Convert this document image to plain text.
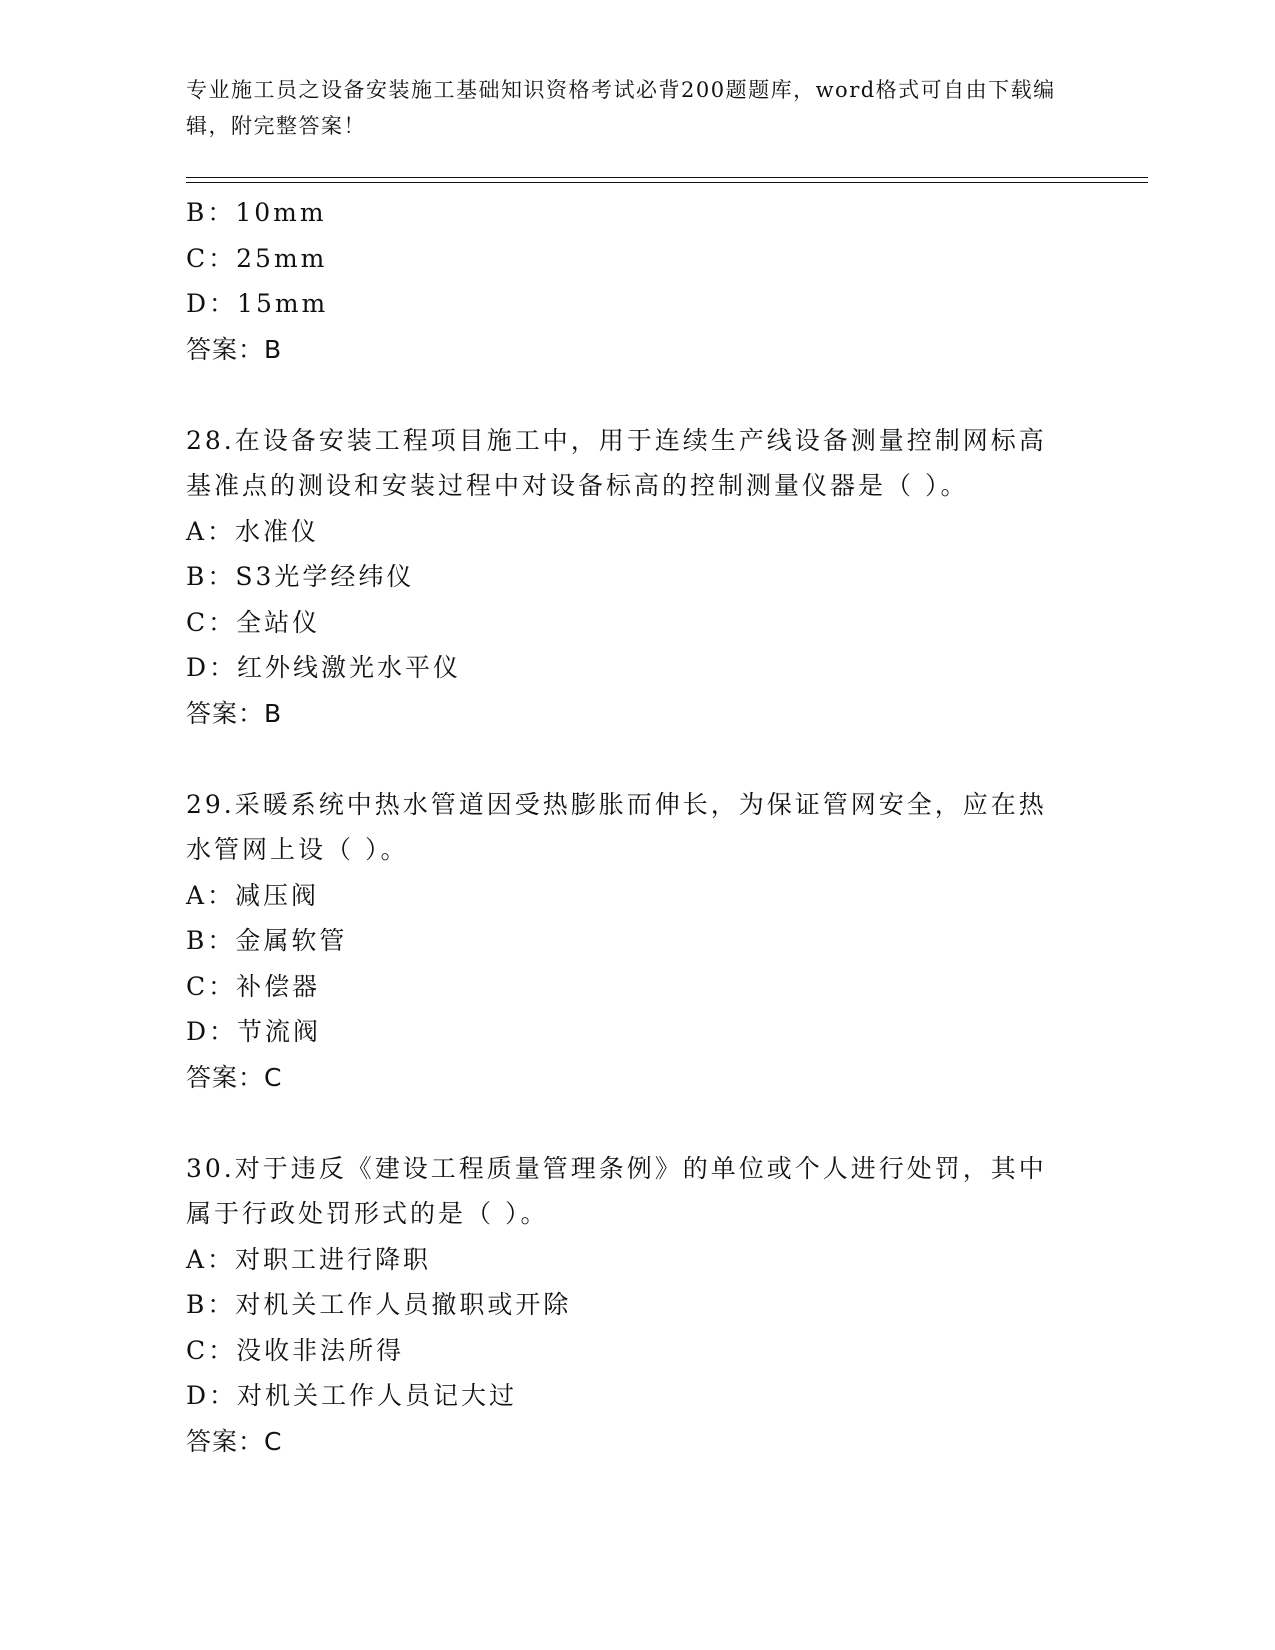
专业施工员之设备安装施工基础知识资格考试必背200题题库，word格式可自由下载编辑，附完整答案！
B：10mm
C：25mm
D：15mm
答案：B
28.在设备安装工程项目施工中，用于连续生产线设备测量控制网标高
基准点的测设和安装过程中对设备标高的控制测量仪器是（ ）。
A：水准仪
B：S3光学经纬仪
C：全站仪
D：红外线激光水平仪
答案：B
29.采暖系统中热水管道因受热膨胀而伸长，为保证管网安全，应在热
水管网上设（ ）。
A：减压阀
B：金属软管
C：补偿器
D：节流阀
答案：C
30.对于违反《建设工程质量管理条例》的单位或个人进行处罚，其中
属于行政处罚形式的是（ ）。
A：对职工进行降职
B：对机关工作人员撤职或开除
C：没收非法所得
D：对机关工作人员记大过
答案：C
